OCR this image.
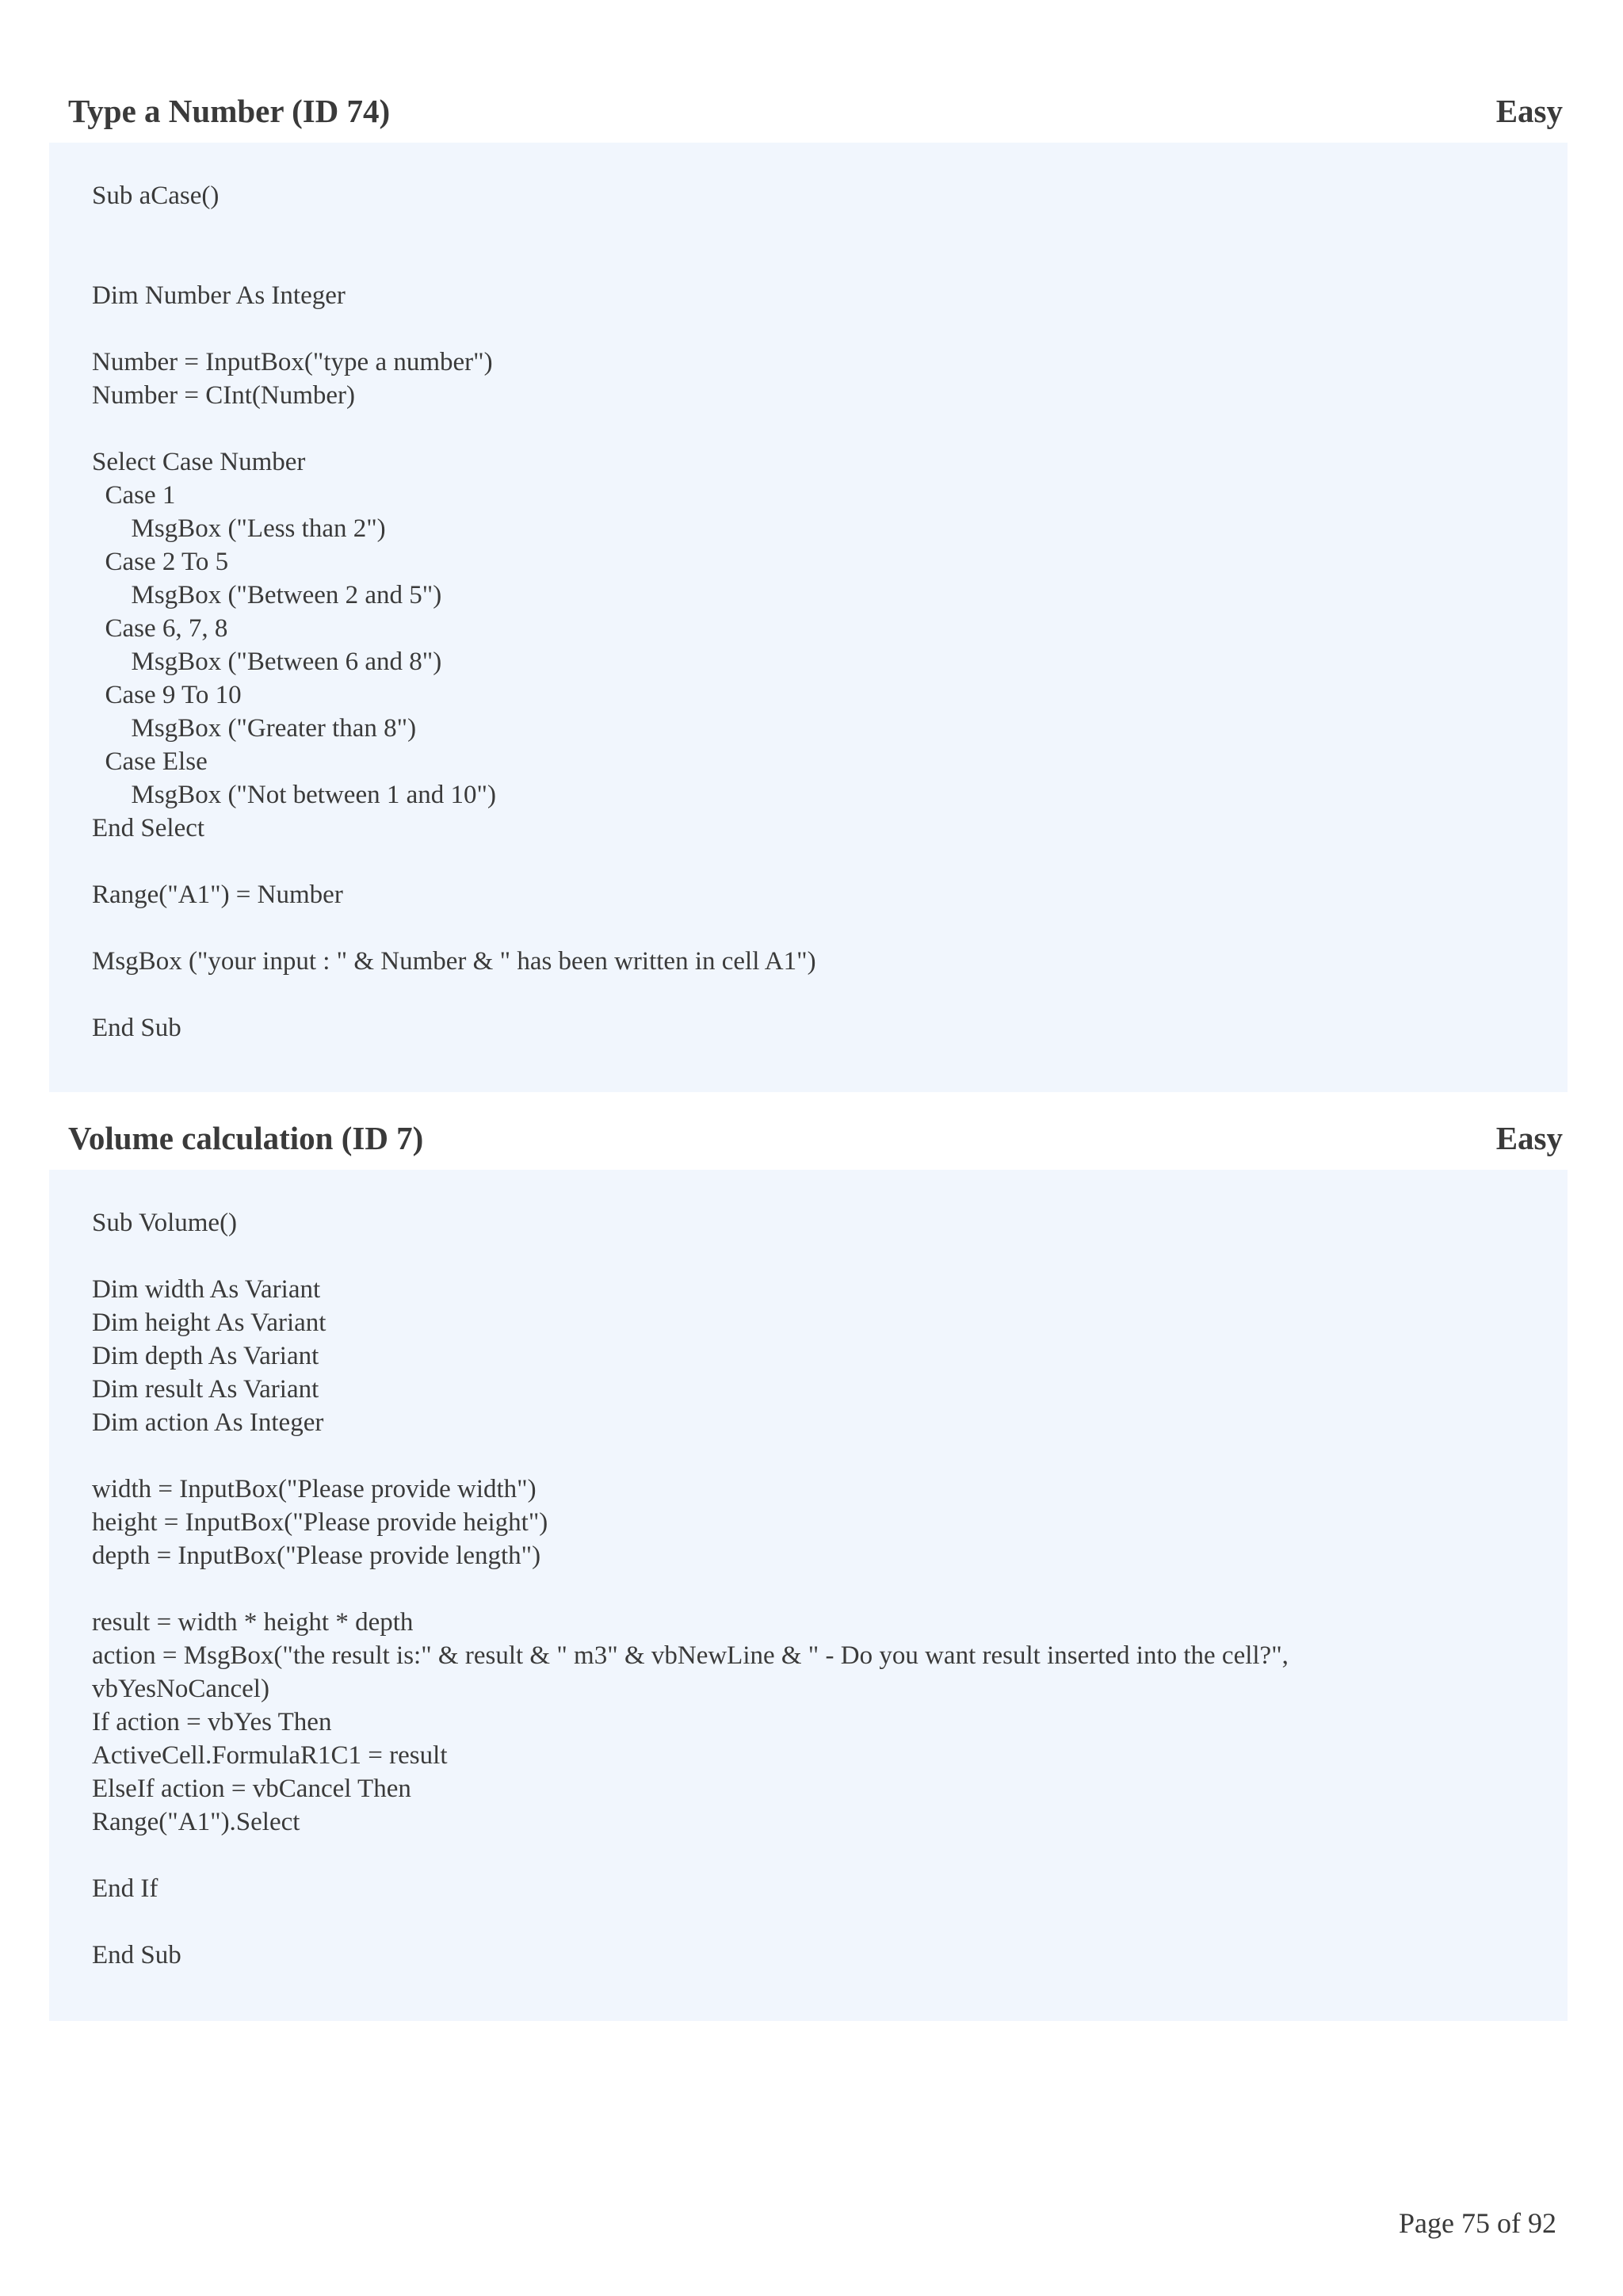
Type a Number (ID 74)	Easy
Sub aCase()
Dim Number As Integer
Number = InputBox("type a number")
Number = CInt(Number)
Select Case Number
Case 1
MsgBox ("Less than 2")
Case 2 To 5
MsgBox ("Between 2 and 5")
Case 6, 7, 8
MsgBox ("Between 6 and 8")
Case 9 To 10
MsgBox ("Greater than 8")
Case Else
MsgBox ("Not between 1 and 10")
End Select
Range("A1") = Number
MsgBox ("your input : " & Number & " has been written in cell A1")
End Sub
Volume calculation (ID 7)	Easy
Sub Volume()
Dim width As Variant
Dim height As Variant
Dim depth As Variant
Dim result As Variant
Dim action As Integer
width = InputBox("Please provide width")
height = InputBox("Please provide height")
depth = InputBox("Please provide length")
result = width * height * depth
action = MsgBox("the result is:" & result & " m3" & vbNewLine & " - Do you want result inserted into the cell?",
vbYesNoCancel)
If action = vbYes Then
ActiveCell.FormulaR1C1 = result
ElseIf action = vbCancel Then
Range("A1").Select
End If
End Sub
Page 75 of 92
